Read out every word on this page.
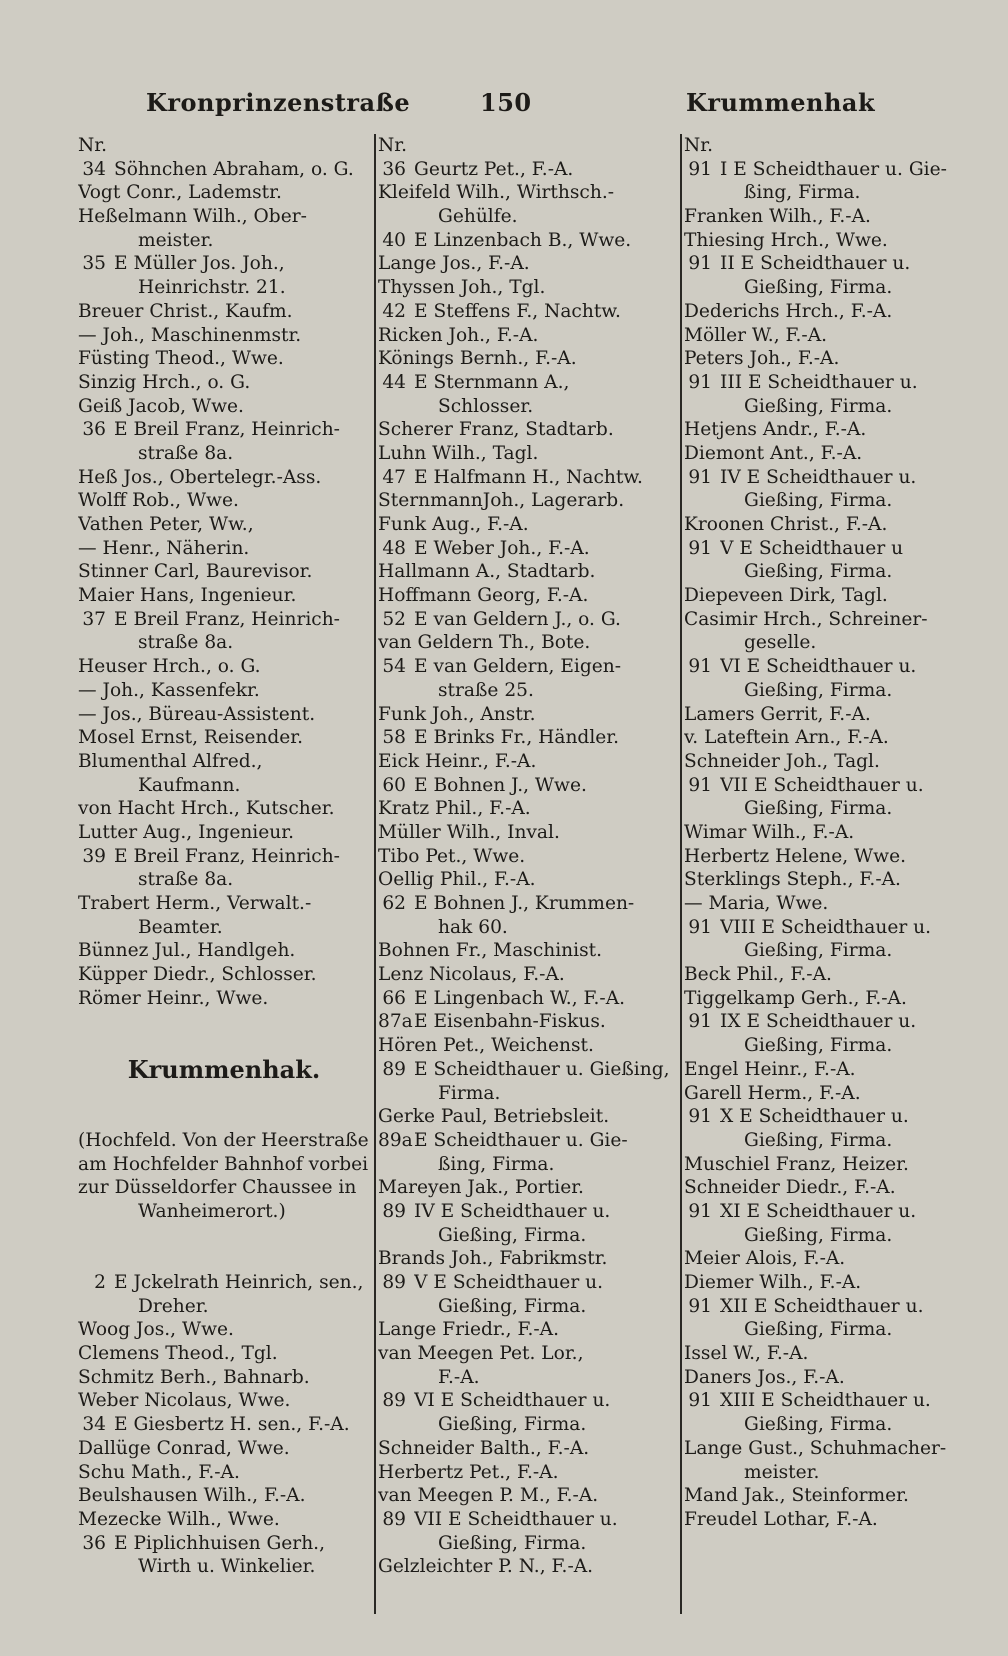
Kronprinzenstraße	150	Krummenhak
Nr.
34 Söhnchen Abraham, o. G.
Vogt Conr., Lademstr.
Heßelmann Wilh., Ober-
meister.
35 E Müller Jos. Joh.,
Heinrichstr. 21.
Breuer Christ., Kaufm.
— Joh., Maschinenmstr.
Füsting Theod., Wwe.
Sinzig Hrch., o. G.
Geiß Jacob, Wwe.
36 E Breil Franz, Heinrich-
straße 8a.
Heß Jos., Obertelegr.-Ass.
Wolff Rob., Wwe.
Vathen Peter, Ww.,
— Henr., Näherin.
Stinner Carl, Baurevisor.
Maier Hans, Ingenieur.
37 E Breil Franz, Heinrich-
straße 8a.
Heuser Hrch., o. G.
— Joh., Kassenfekr.
— Jos., Büreau-Assistent.
Mosel Ernst, Reisender.
Blumenthal Alfred.,
Kaufmann.
von Hacht Hrch., Kutscher.
Lutter Aug., Ingenieur.
39 E Breil Franz, Heinrich-
straße 8a.
Trabert Herm., Verwalt.-
Beamter.
Bünnez Jul., Handlgeh.
Küpper Diedr., Schlosser.
Römer Heinr., Wwe.
Krummenhak.
(Hochfeld. Von der Heerstraße
am Hochfelder Bahnhof vorbei
zur Düsseldorfer Chaussee in
Wanheimerort.)
2 E Jckelrath Heinrich, sen.,
Dreher.
Woog Jos., Wwe.
Clemens Theod., Tgl.
Schmitz Berh., Bahnarb.
Weber Nicolaus, Wwe.
34 E Giesbertz H. sen., F.-A.
Dallüge Conrad, Wwe.
Schu Math., F.-A.
Beulshausen Wilh., F.-A.
Mezecke Wilh., Wwe.
36 E Piplichhuisen Gerh.,
Wirth u. Winkelier.
Nr.
36 Geurtz Pet., F.-A.
Kleifeld Wilh., Wirthsch.-
Gehülfe.
40 E Linzenbach B., Wwe.
Lange Jos., F.-A.
Thyssen Joh., Tgl.
42 E Steffens F., Nachtw.
Ricken Joh., F.-A.
Könings Bernh., F.-A.
44 E Sternmann A.,
Schlosser.
Scherer Franz, Stadtarb.
Luhn Wilh., Tagl.
47 E Halfmann H., Nachtw.
SternmannJoh., Lagerarb.
Funk Aug., F.-A.
48 E Weber Joh., F.-A.
Hallmann A., Stadtarb.
Hoffmann Georg, F.-A.
52 E van Geldern J., o. G.
van Geldern Th., Bote.
54 E van Geldern, Eigen-
straße 25.
Funk Joh., Anstr.
58 E Brinks Fr., Händler.
Eick Heinr., F.-A.
60 E Bohnen J., Wwe.
Kratz Phil., F.-A.
Müller Wilh., Inval.
Tibo Pet., Wwe.
Oellig Phil., F.-A.
62 E Bohnen J., Krummen-
hak 60.
Bohnen Fr., Maschinist.
Lenz Nicolaus, F.-A.
66 E Lingenbach W., F.-A.
87a E Eisenbahn-Fiskus.
Hören Pet., Weichenst.
89 E Scheidthauer u. Gießing,
Firma.
Gerke Paul, Betriebsleit.
89a E Scheidthauer u. Gie-
ßing, Firma.
Mareyen Jak., Portier.
89 IV E Scheidthauer u.
Gießing, Firma.
Brands Joh., Fabrikmstr.
89 V E Scheidthauer u.
Gießing, Firma.
Lange Friedr., F.-A.
van Meegen Pet. Lor.,
F.-A.
89 VI E Scheidthauer u.
Gießing, Firma.
Schneider Balth., F.-A.
Herbertz Pet., F.-A.
van Meegen P. M., F.-A.
89 VII E Scheidthauer u.
Gießing, Firma.
Gelzleichter P. N., F.-A.
Nr.
91 I E Scheidthauer u. Gie-
ßing, Firma.
Franken Wilh., F.-A.
Thiesing Hrch., Wwe.
91 II E Scheidthauer u.
Gießing, Firma.
Dederichs Hrch., F.-A.
Möller W., F.-A.
Peters Joh., F.-A.
91 III E Scheidthauer u.
Gießing, Firma.
Hetjens Andr., F.-A.
Diemont Ant., F.-A.
91 IV E Scheidthauer u.
Gießing, Firma.
Kroonen Christ., F.-A.
91 V E Scheidthauer u
Gießing, Firma.
Diepeveen Dirk, Tagl.
Casimir Hrch., Schreiner-
geselle.
91 VI E Scheidthauer u.
Gießing, Firma.
Lamers Gerrit, F.-A.
v. Lateftein Arn., F.-A.
Schneider Joh., Tagl.
91 VII E Scheidthauer u.
Gießing, Firma.
Wimar Wilh., F.-A.
Herbertz Helene, Wwe.
Sterklings Steph., F.-A.
— Maria, Wwe.
91 VIII E Scheidthauer u.
Gießing, Firma.
Beck Phil., F.-A.
Tiggelkamp Gerh., F.-A.
91 IX E Scheidthauer u.
Gießing, Firma.
Engel Heinr., F.-A.
Garell Herm., F.-A.
91 X E Scheidthauer u.
Gießing, Firma.
Muschiel Franz, Heizer.
Schneider Diedr., F.-A.
91 XI E Scheidthauer u.
Gießing, Firma.
Meier Alois, F.-A.
Diemer Wilh., F.-A.
91 XII E Scheidthauer u.
Gießing, Firma.
Issel W., F.-A.
Daners Jos., F.-A.
91 XIII E Scheidthauer u.
Gießing, Firma.
Lange Gust., Schuhmacher-
meister.
Mand Jak., Steinformer.
Freudel Lothar, F.-A.
